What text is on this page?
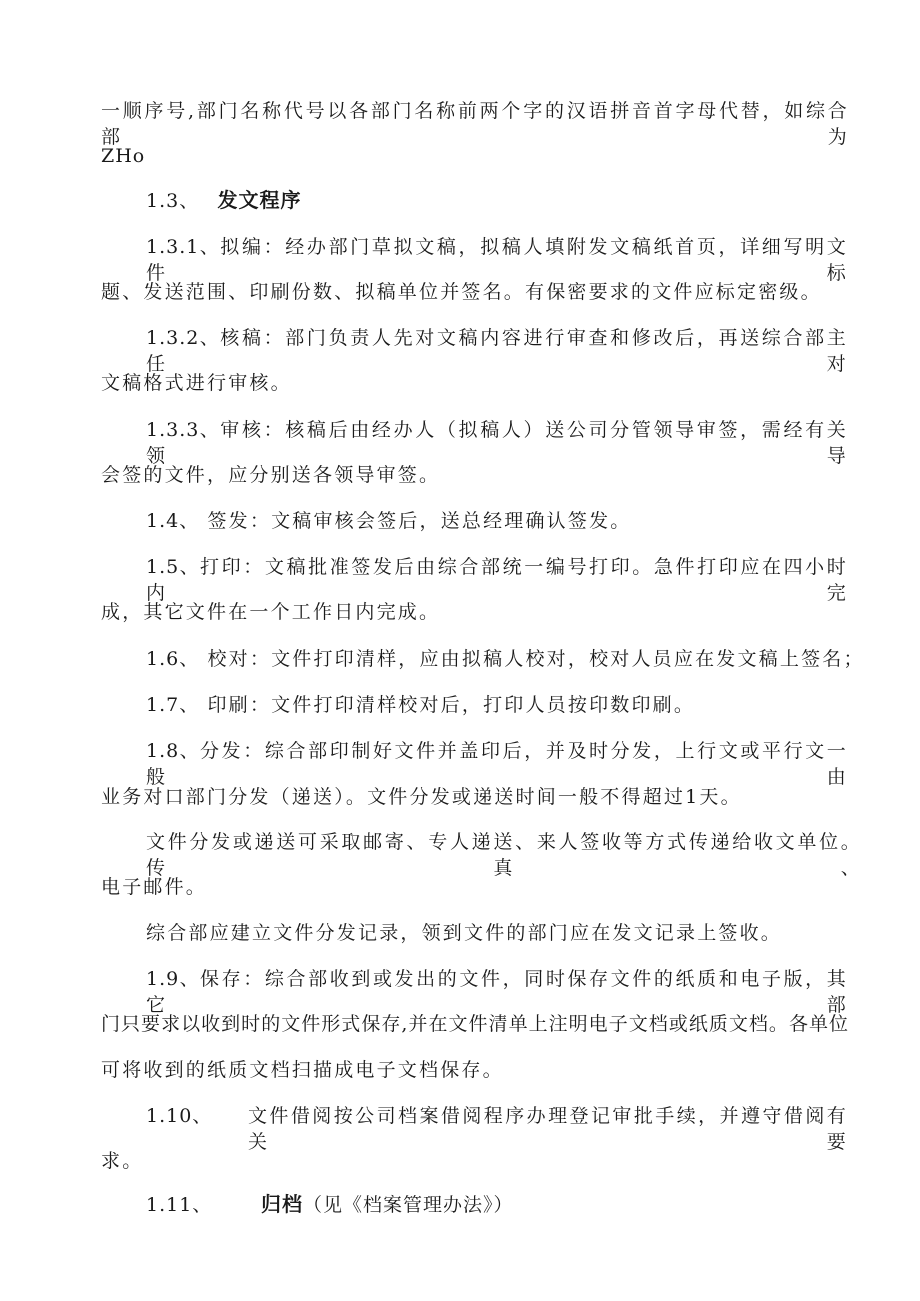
一顺序号,部门名称代号以各部门名称前两个字的汉语拼音首字母代替，如综合部为
ZHo
1.3、 发文程序
1.3.1、拟编：经办部门草拟文稿，拟稿人填附发文稿纸首页，详细写明文件标
题、发送范围、印刷份数、拟稿单位并签名。有保密要求的文件应标定密级。
1.3.2、核稿：部门负责人先对文稿内容进行审查和修改后，再送综合部主任对
文稿格式进行审核。
1.3.3、审核：核稿后由经办人（拟稿人）送公司分管领导审签，需经有关领导
会签的文件，应分别送各领导审签。
1.4、 签发：文稿审核会签后，送总经理确认签发。
1.5、打印：文稿批准签发后由综合部统一编号打印。急件打印应在四小时内完
成，其它文件在一个工作日内完成。
1.6、 校对：文件打印清样，应由拟稿人校对，校对人员应在发文稿上签名；
1.7、 印刷：文件打印清样校对后，打印人员按印数印刷。
1.8、分发：综合部印制好文件并盖印后，并及时分发，上行文或平行文一般由
业务对口部门分发（递送）。文件分发或递送时间一般不得超过1天。
文件分发或递送可采取邮寄、专人递送、来人签收等方式传递给收文单位。传真、
电子邮件。
综合部应建立文件分发记录，领到文件的部门应在发文记录上签收。
1.9、保存：综合部收到或发出的文件，同时保存文件的纸质和电子版，其它部
门只要求以收到时的文件形式保存,并在文件清单上注明电子文档或纸质文档。各单位
可将收到的纸质文档扫描成电子文档保存。
1.10、 文件借阅按公司档案借阅程序办理登记审批手续，并遵守借阅有关要
求。
1.11、 归档（见《档案管理办法》）
